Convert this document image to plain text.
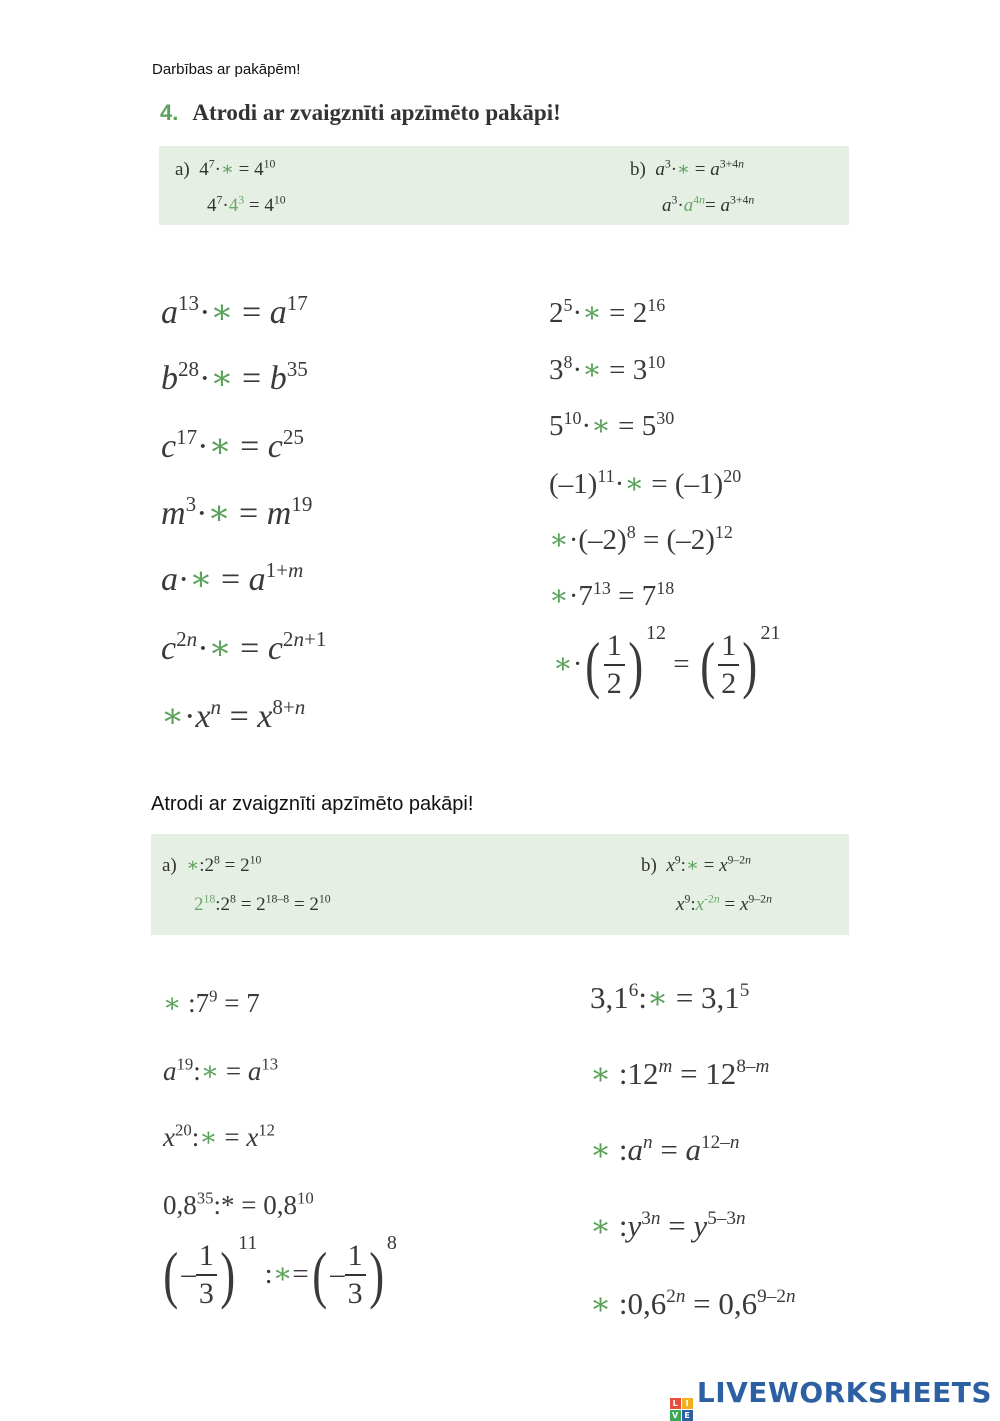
Darbības ar pakāpēm!
4. Atrodi ar zvaigznīti apzīmēto pakāpi!
a)  $4^7\cdot∗ = 4^{10}$
$4^7\cdot 4^3 = 4^{10}$
b) $a^3\cdot∗ = a^{3+4n}$
$a^3\cdot a^{4n}= a^{3+4n}$
$a^{13}\cdot∗ = a^{17}$
$b^{28}\cdot∗ = b^{35}$
$c^{17}\cdot∗ = c^{25}$
$m^3\cdot∗ = m^{19}$
a·∗ = $a^{1+m}$
$c^{2n}\cdot∗ = c^{2n+1}$
$∗\cdot x^n = x^{8+n}$
$2^5\cdot∗ = 2^{16}$
$3^8\cdot∗ = 3^{10}$
$5^{10}\cdot∗ = 5^{30}$
$(-1)^{11}\cdot∗ = (-1)^{20}$
$∗\cdot(-2)^8 = (-2)^{12}$
$∗\cdot 7^{13} = 7^{18}$
∗·( $\frac{1}{2}$ ) $^{12}$ = ( $\frac{1}{2}$ ) $^{21}$
Atrodi ar zvaigznīti apzīmēto pakāpi!
a) $∗:2^8 = 2^{10}$
$2^{18}:2^8 = 2^{18-8} = 2^{10}$
b) $x^9:∗ = x^{9-2n}$
$x^9:x^{-2n} = x^{9-2n}$
∗ $:7^9 = 7$
$a^{19}:∗ = a^{13}$
$x^{20}:∗ = x^{12}$
$0,8^{35}:* = 0,8^{10}$
( – $\frac{1}{3}$ ) $^{11}$ :∗=( – $\frac{1}{3}$ ) $^8$
$3,1^6:∗ = 3,1^5$
∗ $:12^m = 12^{8-m}$
∗ $:a^n = a^{12-n}$
∗ $:y^{3n} = y^{5-3n}$
∗ $:0,6^{2n} = 0,6^{9-2n}$
L I
V E
LIVEWORKSHEETS
